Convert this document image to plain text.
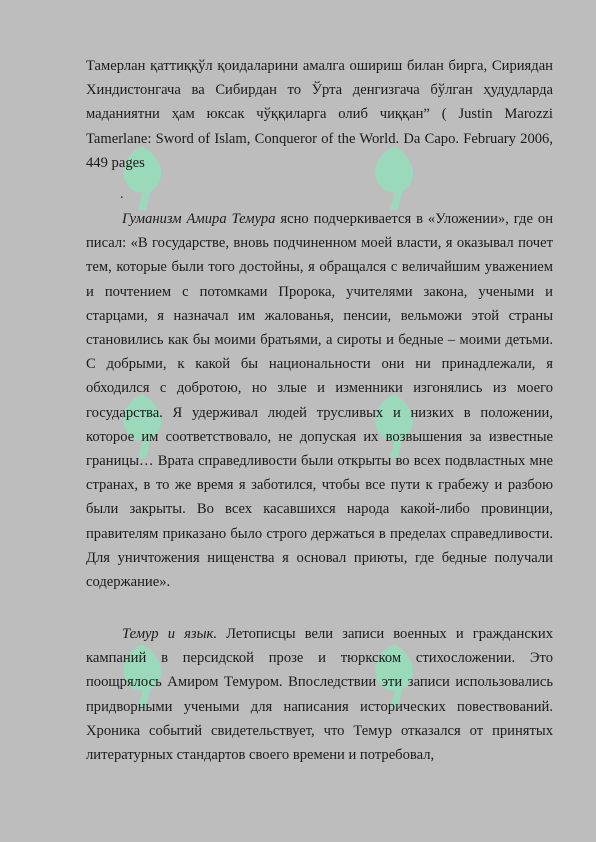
Тамерлан қаттиққўл қоидаларини амалга ошириш билан бирга, Сириядан Хиндистонгача ва Сибирдан то Ўрта денгизгача бўлган ҳудудларда маданиятни ҳам юксак чўққиларга олиб чиққан” ( Justin Marozzi Tamerlane: Sword of Islam, Conqueror of the World. Da Capo. February 2006, 449 pages

.

Гуманизм Амира Темура ясно подчеркивается в «Уложении», где он писал: «В государстве, вновь подчиненном моей власти, я оказывал почет тем, которые были того достойны, я обращался с величайшим уважением и почтением с потомками Пророка, учителями закона, учеными и старцами, я назначал им жалованья, пенсии, вельможи этой страны становились как бы моими братьями, а сироты и бедные – моими детьми. С добрыми, к какой бы национальности они ни принадлежали, я обходился с добротою, но злые и изменники изгонялись из моего государства. Я удерживал людей трусливых и низких в положении, которое им соответствовало, не допуская их возвышения за известные границы… Врата справедливости были открыты во всех подвластных мне странах, в то же время я заботился, чтобы все пути к грабежу и разбою были закрыты. Во всех касавшихся народа какой-либо провинции, правителям приказано было строго держаться в пределах справедливости. Для уничтожения нищенства я основал приюты, где бедные получали содержание».

Темур и язык. Летописцы вели записи военных и гражданских кампаний в персидской прозе и тюркском стихосложении. Это поощрялось Амиром Темуром. Впоследствии эти записи использовались придворными учеными для написания исторических повествований. Хроника событий свидетельствует, что Темур отказался от принятых литературных стандартов своего времени и потребовал,
